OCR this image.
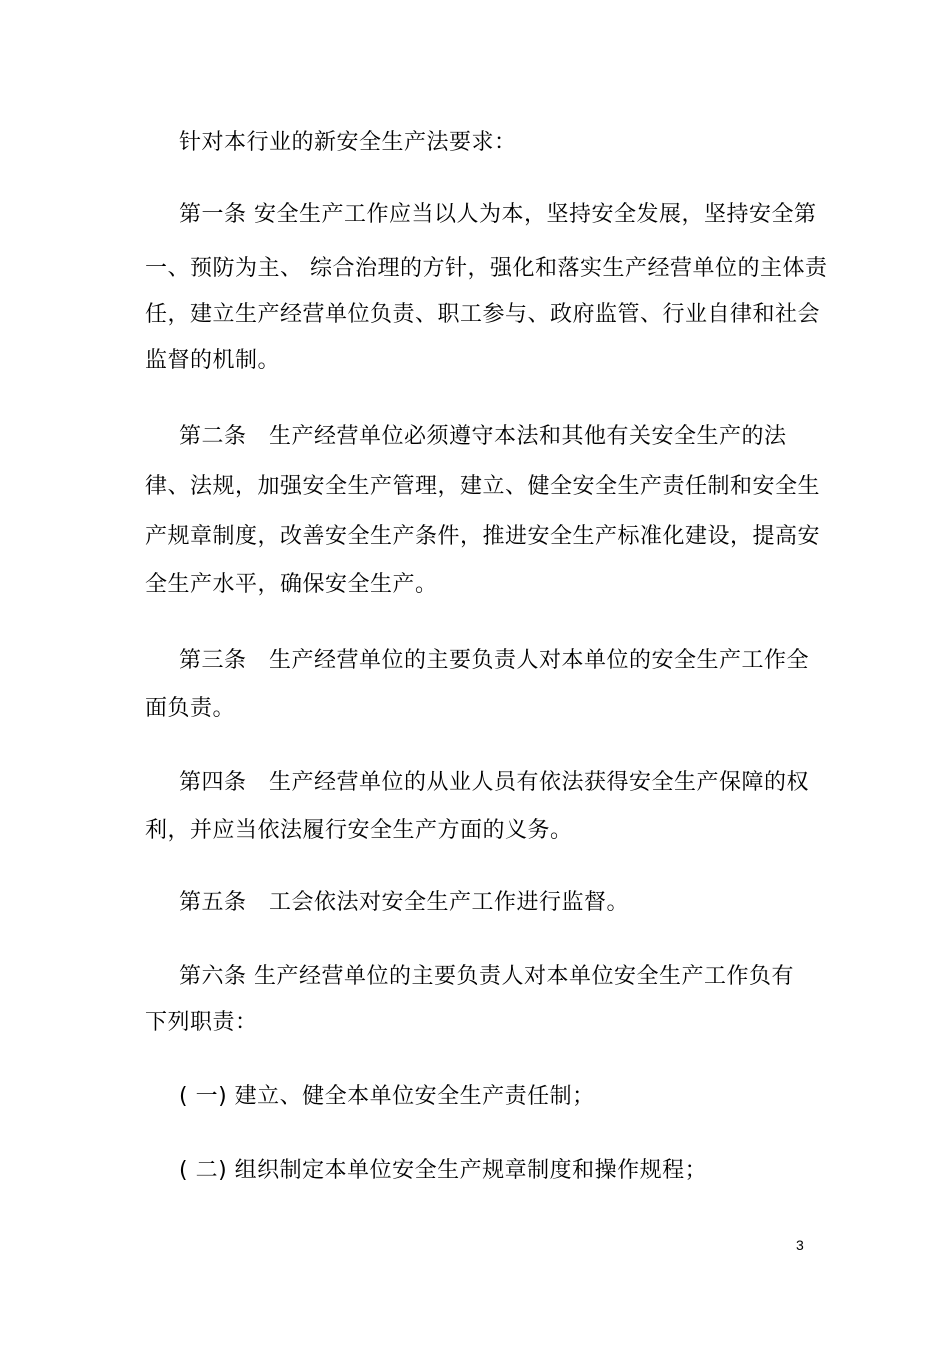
针对本行业的新安全生产法要求：
第一条 安全生产工作应当以人为本，坚持安全发展，坚持安全第
一、预防为主、 综合治理的方针，强化和落实生产经营单位的主体责
任，建立生产经营单位负责、职工参与、政府监管、行业自律和社会
监督的机制。
第二条　生产经营单位必须遵守本法和其他有关安全生产的法
律、法规，加强安全生产管理，建立、健全安全生产责任制和安全生
产规章制度，改善安全生产条件，推进安全生产标准化建设，提高安
全生产水平，确保安全生产。
第三条　生产经营单位的主要负责人对本单位的安全生产工作全
面负责。
第四条　生产经营单位的从业人员有依法获得安全生产保障的权
利，并应当依法履行安全生产方面的义务。
第五条　工会依法对安全生产工作进行监督。
第六条 生产经营单位的主要负责人对本单位安全生产工作负有
下列职责：
( 一) 建立、健全本单位安全生产责任制；
( 二) 组织制定本单位安全生产规章制度和操作规程；
3
